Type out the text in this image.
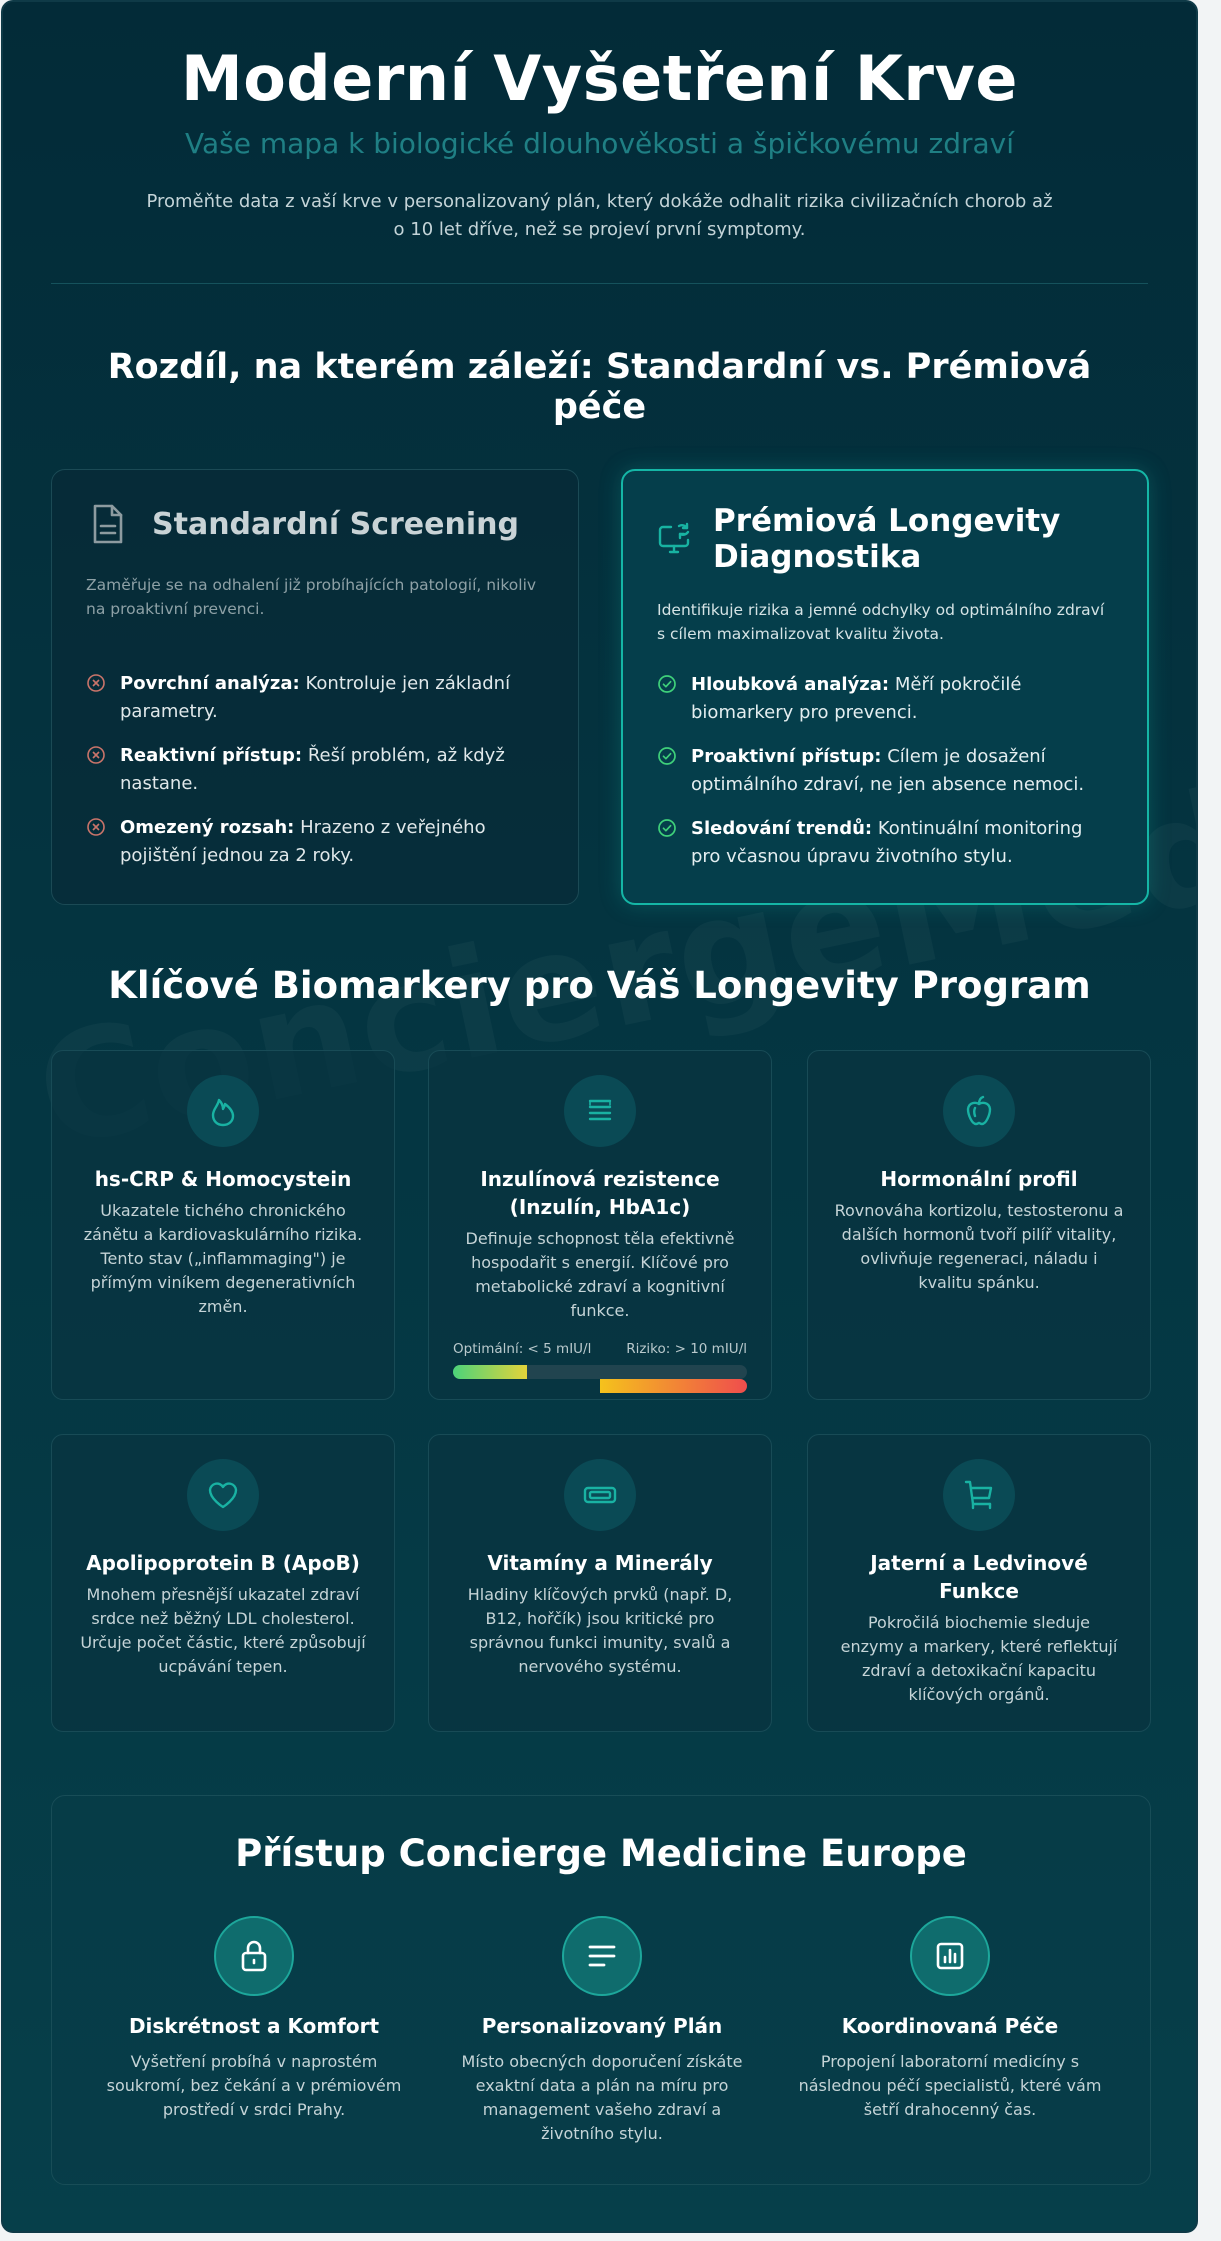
Moderní Vyšetření Krve
Vaše mapa k biologické dlouhověkosti a špičkovému zdraví

Proměňte data z vaší krve v personalizovaný plán, který dokáže odhalit rizika civilizačních chorob až o 10 let dříve, než se projeví první symptomy.

Rozdíl, na kterém záleží: Standardní vs. Prémiová péče
Standardní Screening

Zaměřuje se na odhalení již probíhajících patologií, nikoliv na proaktivní prevenci.

Povrchní analýza: Kontroluje jen základní parametry.
Reaktivní přístup: Řeší problém, až když nastane.
Omezený rozsah: Hrazeno z veřejného pojištění jednou za 2 roky.
Prémiová Longevity Diagnostika

Identifikuje rizika a jemné odchylky od optimálního zdraví s cílem maximalizovat kvalitu života.

Hloubková analýza: Měří pokročilé biomarkery pro prevenci.
Proaktivní přístup: Cílem je dosažení optimálního zdraví, ne jen absence nemoci.
Sledování trendů: Kontinuální monitoring pro včasnou úpravu životního stylu.
Klíčové Biomarkery pro Váš Longevity Program
hs-CRP & Homocystein

Ukazatele tichého chronického zánětu a kardiovaskulárního rizika. Tento stav („inflammaging") je přímým viníkem degenerativních změn.

Inzulínová rezistence (Inzulín, HbA1c)

Definuje schopnost těla efektivně hospodařit s energií. Klíčové pro metabolické zdraví a kognitivní funkce.

Optimální: < 5 mIU/l	Riziko: > 10 mIU/l
Hormonální profil

Rovnováha kortizolu, testosteronu a dalších hormonů tvoří pilíř vitality, ovlivňuje regeneraci, náladu i kvalitu spánku.

Apolipoprotein B (ApoB)

Mnohem přesnější ukazatel zdraví srdce než běžný LDL cholesterol. Určuje počet částic, které způsobují ucpávání tepen.

Vitamíny a Minerály

Hladiny klíčových prvků (např. D, B12, hořčík) jsou kritické pro správnou funkci imunity, svalů a nervového systému.

Jaterní a Ledvinové Funkce

Pokročilá biochemie sleduje enzymy a markery, které reflektují zdraví a detoxikační kapacitu klíčových orgánů.

Přístup Concierge Medicine Europe
Diskrétnost a Komfort

Vyšetření probíhá v naprostém soukromí, bez čekání a v prémiovém prostředí v srdci Prahy.

Personalizovaný Plán

Místo obecných doporučení získáte exaktní data a plán na míru pro management vašeho zdraví a životního stylu.

Koordinovaná Péče

Propojení laboratorní medicíny s následnou péčí specialistů, které vám šetří drahocenný čas.
